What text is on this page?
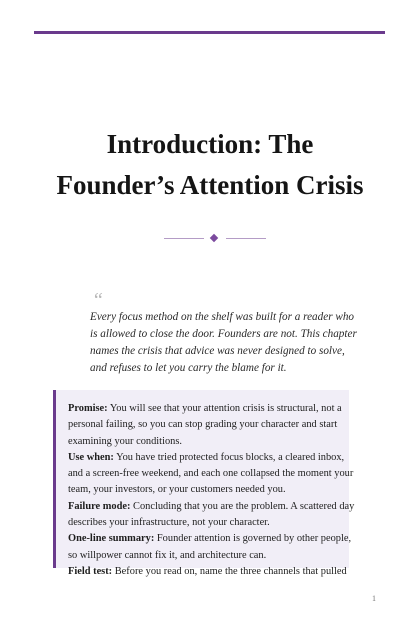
Introduction: The
Founder’s Attention Crisis
“
Every focus method on the shelf was built for a reader who
is allowed to close the door. Founders are not. This chapter
names the crisis that advice was never designed to solve,
and refuses to let you carry the blame for it.
Promise: You will see that your attention crisis is structural, not a
personal failing, so you can stop grading your character and start
examining your conditions.
Use when: You have tried protected focus blocks, a cleared inbox,
and a screen-free weekend, and each one collapsed the moment your
team, your investors, or your customers needed you.
Failure mode: Concluding that you are the problem. A scattered day
describes your infrastructure, not your character.
One-line summary: Founder attention is governed by other people,
so willpower cannot fix it, and architecture can.
Field test: Before you read on, name the three channels that pulled
1
